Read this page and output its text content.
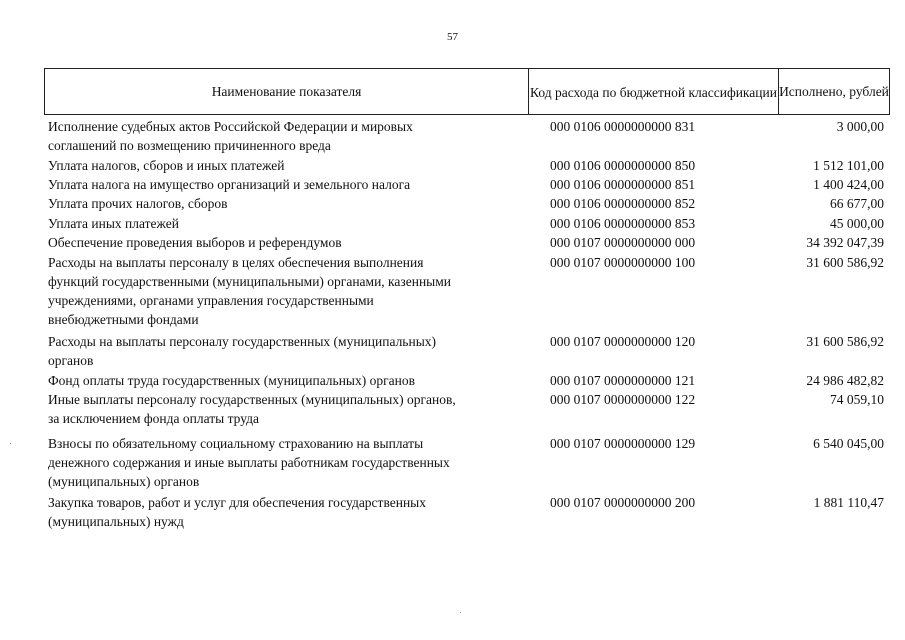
57
Наименование показателя	Код расхода по бюджетной классификации Исполнено, рублей
Исполнение судебных актов Российской Федерации и мировых
соглашений по возмещению причиненного вреда
000 0106 0000000000 831	3 000,00
Уплата налогов, сборов и иных платежей	000 0106 0000000000 850	1 512 101,00
Уплата налога на имущество организаций и земельного налога	000 0106 0000000000 851	1 400 424,00
Уплата прочих налогов, сборов	000 0106 0000000000 852	66 677,00
Уплата иных платежей	000 0106 0000000000 853	45 000,00
Обеспечение проведения выборов и референдумов	000 0107 0000000000 000	34 392 047,39
Расходы на выплаты персоналу в целях обеспечения выполнения
функций государственными (муниципальными) органами, казенными
учреждениями, органами управления государственными
внебюджетными фондами
000 0107 0000000000 100	31 600 586,92
Расходы на выплаты персоналу государственных (муниципальных)
органов
000 0107 0000000000 120	31 600 586,92
Фонд оплаты труда государственных (муниципальных) органов	000 0107 0000000000 121	24 986 482,82
Иные выплаты персоналу государственных (муниципальных) органов,
за исключением фонда оплаты труда
000 0107 0000000000 122	74 059,10
Взносы по обязательному социальному страхованию на выплаты
денежного содержания и иные выплаты работникам государственных
(муниципальных) органов
000 0107 0000000000 129	6 540 045,00
Закупка товаров, работ и услуг для обеспечения государственных
(муниципальных) нужд
000 0107 0000000000 200	1 881 110,47
